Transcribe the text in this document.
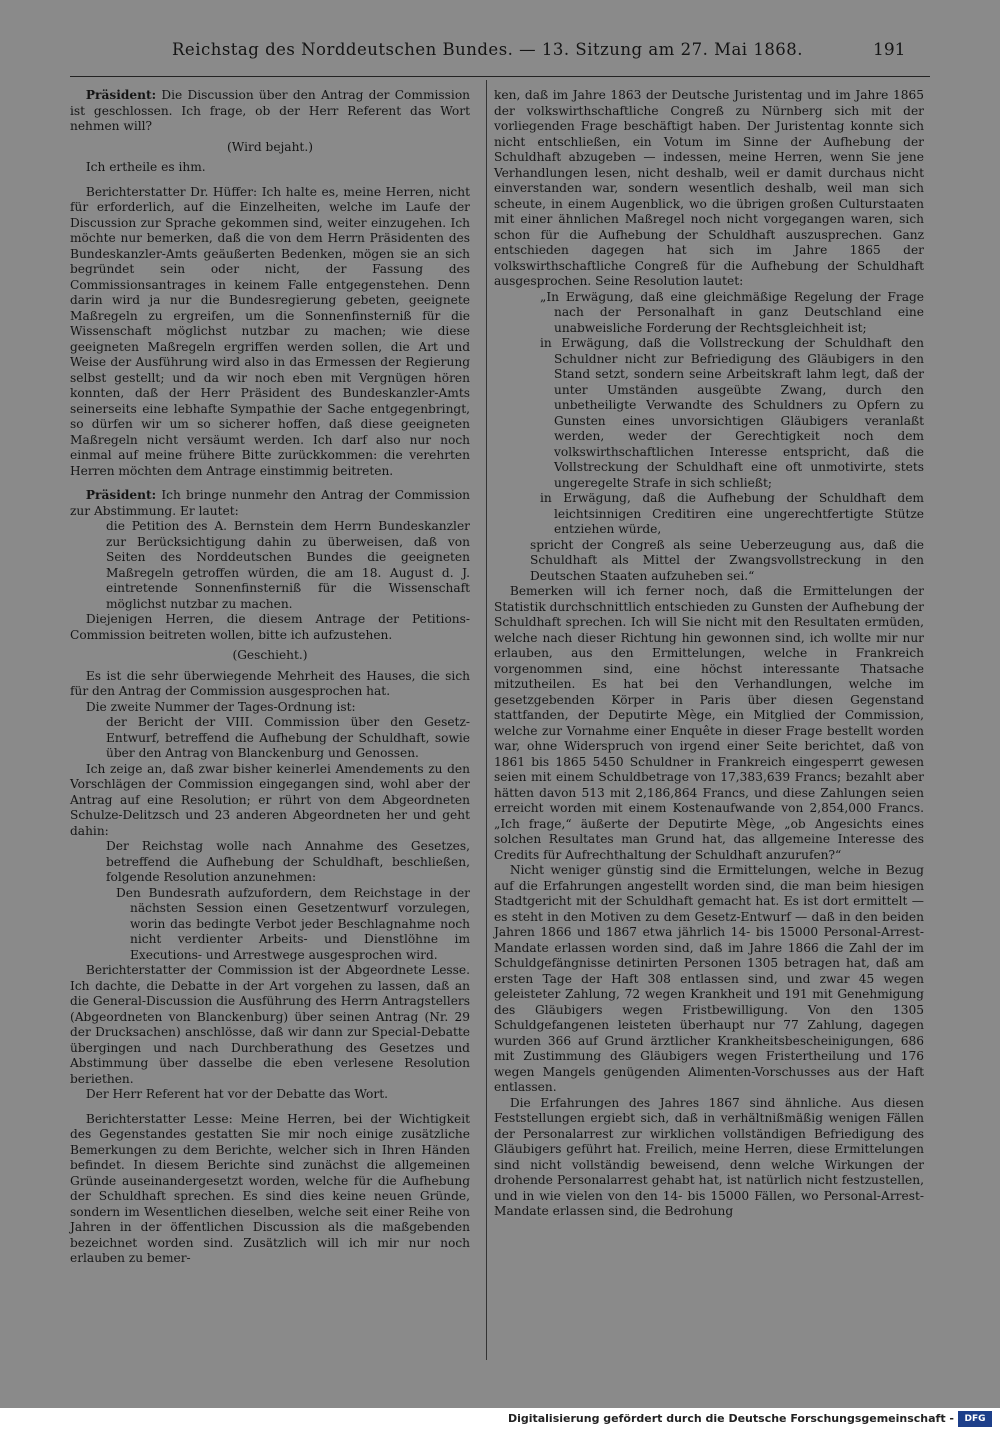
Reichstag des Norddeutschen Bundes. — 13. Sitzung am 27. Mai 1868.	191

Präsident: Die Discussion über den Antrag der Commission ist geschlossen. Ich frage, ob der Herr Referent das Wort nehmen will?

(Wird bejaht.)

Ich ertheile es ihm.

Berichterstatter Dr. Hüffer: Ich halte es, meine Herren, nicht für erforderlich, auf die Einzelheiten, welche im Laufe der Discussion zur Sprache gekommen sind, weiter einzugehen. Ich möchte nur bemerken, daß die von dem Herrn Präsidenten des Bundeskanzler-Amts geäußerten Bedenken, mögen sie an sich begründet sein oder nicht, der Fassung des Commissionsantrages in keinem Falle entgegenstehen. Denn darin wird ja nur die Bundesregierung gebeten, geeignete Maßregeln zu ergreifen, um die Sonnenfinsterniß für die Wissenschaft möglichst nutzbar zu machen; wie diese geeigneten Maßregeln ergriffen werden sollen, die Art und Weise der Ausführung wird also in das Ermessen der Regierung selbst gestellt; und da wir noch eben mit Vergnügen hören konnten, daß der Herr Präsident des Bundeskanzler-Amts seinerseits eine lebhafte Sympathie der Sache entgegenbringt, so dürfen wir um so sicherer hoffen, daß diese geeigneten Maßregeln nicht versäumt werden. Ich darf also nur noch einmal auf meine frühere Bitte zurückkommen: die verehrten Herren möchten dem Antrage einstimmig beitreten.

Präsident: Ich bringe nunmehr den Antrag der Commission zur Abstimmung. Er lautet:

die Petition des A. Bernstein dem Herrn Bundeskanzler zur Berücksichtigung dahin zu überweisen, daß von Seiten des Norddeutschen Bundes die geeigneten Maßregeln getroffen würden, die am 18. August d. J. eintretende Sonnenfinsterniß für die Wissenschaft möglichst nutzbar zu machen.

Diejenigen Herren, die diesem Antrage der Petitions-Commission beitreten wollen, bitte ich aufzustehen.

(Geschieht.)

Es ist die sehr überwiegende Mehrheit des Hauses, die sich für den Antrag der Commission ausgesprochen hat.

Die zweite Nummer der Tages-Ordnung ist:

der Bericht der VIII. Commission über den Gesetz-Entwurf, betreffend die Aufhebung der Schuldhaft, sowie über den Antrag von Blanckenburg und Genossen.

Ich zeige an, daß zwar bisher keinerlei Amendements zu den Vorschlägen der Commission eingegangen sind, wohl aber der Antrag auf eine Resolution; er rührt von dem Abgeordneten Schulze-Delitzsch und 23 anderen Abgeordneten her und geht dahin:

Der Reichstag wolle nach Annahme des Gesetzes, betreffend die Aufhebung der Schuldhaft, beschließen, folgende Resolution anzunehmen:

Den Bundesrath aufzufordern, dem Reichstage in der nächsten Session einen Gesetzentwurf vorzulegen, worin das bedingte Verbot jeder Beschlagnahme noch nicht verdienter Arbeits- und Dienstlöhne im Executions- und Arrestwege ausgesprochen wird.

Berichterstatter der Commission ist der Abgeordnete Lesse. Ich dachte, die Debatte in der Art vorgehen zu lassen, daß an die General-Discussion die Ausführung des Herrn Antragstellers (Abgeordneten von Blanckenburg) über seinen Antrag (Nr. 29 der Drucksachen) anschlösse, daß wir dann zur Special-Debatte übergingen und nach Durchberathung des Gesetzes und Abstimmung über dasselbe die eben verlesene Resolution beriethen.

Der Herr Referent hat vor der Debatte das Wort.

Berichterstatter Lesse: Meine Herren, bei der Wichtigkeit des Gegenstandes gestatten Sie mir noch einige zusätzliche Bemerkungen zu dem Berichte, welcher sich in Ihren Händen befindet. In diesem Berichte sind zunächst die allgemeinen Gründe auseinandergesetzt worden, welche für die Aufhebung der Schuldhaft sprechen. Es sind dies keine neuen Gründe, sondern im Wesentlichen dieselben, welche seit einer Reihe von Jahren in der öffentlichen Discussion als die maßgebenden bezeichnet worden sind. Zusätzlich will ich mir nur noch erlauben zu bemer-

ken, daß im Jahre 1863 der Deutsche Juristentag und im Jahre 1865 der volkswirthschaftliche Congreß zu Nürnberg sich mit der vorliegenden Frage beschäftigt haben. Der Juristentag konnte sich nicht entschließen, ein Votum im Sinne der Aufhebung der Schuldhaft abzugeben — indessen, meine Herren, wenn Sie jene Verhandlungen lesen, nicht deshalb, weil er damit durchaus nicht einverstanden war, sondern wesentlich deshalb, weil man sich scheute, in einem Augenblick, wo die übrigen großen Culturstaaten mit einer ähnlichen Maßregel noch nicht vorgegangen waren, sich schon für die Aufhebung der Schuldhaft auszusprechen. Ganz entschieden dagegen hat sich im Jahre 1865 der volkswirthschaftliche Congreß für die Aufhebung der Schuldhaft ausgesprochen. Seine Resolution lautet:

„In Erwägung, daß eine gleichmäßige Regelung der Frage nach der Personalhaft in ganz Deutschland eine unabweisliche Forderung der Rechtsgleichheit ist;

in Erwägung, daß die Vollstreckung der Schuldhaft den Schuldner nicht zur Befriedigung des Gläubigers in den Stand setzt, sondern seine Arbeitskraft lahm legt, daß der unter Umständen ausgeübte Zwang, durch den unbetheiligte Verwandte des Schuldners zu Opfern zu Gunsten eines unvorsichtigen Gläubigers veranlaßt werden, weder der Gerechtigkeit noch dem volkswirthschaftlichen Interesse entspricht, daß die Vollstreckung der Schuldhaft eine oft unmotivirte, stets ungeregelte Strafe in sich schließt;

in Erwägung, daß die Aufhebung der Schuldhaft dem leichtsinnigen Creditiren eine ungerechtfertigte Stütze entziehen würde,

spricht der Congreß als seine Ueberzeugung aus, daß die Schuldhaft als Mittel der Zwangsvollstreckung in den Deutschen Staaten aufzuheben sei.“

Bemerken will ich ferner noch, daß die Ermittelungen der Statistik durchschnittlich entschieden zu Gunsten der Aufhebung der Schuldhaft sprechen. Ich will Sie nicht mit den Resultaten ermüden, welche nach dieser Richtung hin gewonnen sind, ich wollte mir nur erlauben, aus den Ermittelungen, welche in Frankreich vorgenommen sind, eine höchst interessante Thatsache mitzutheilen. Es hat bei den Verhandlungen, welche im gesetzgebenden Körper in Paris über diesen Gegenstand stattfanden, der Deputirte Mège, ein Mitglied der Commission, welche zur Vornahme einer Enquête in dieser Frage bestellt worden war, ohne Widerspruch von irgend einer Seite berichtet, daß von 1861 bis 1865 5450 Schuldner in Frankreich eingesperrt gewesen seien mit einem Schuldbetrage von 17,383,639 Francs; bezahlt aber hätten davon 513 mit 2,186,864 Francs, und diese Zahlungen seien erreicht worden mit einem Kostenaufwande von 2,854,000 Francs. „Ich frage,“ äußerte der Deputirte Mège, „ob Angesichts eines solchen Resultates man Grund hat, das allgemeine Interesse des Credits für Aufrechthaltung der Schuldhaft anzurufen?“

Nicht weniger günstig sind die Ermittelungen, welche in Bezug auf die Erfahrungen angestellt worden sind, die man beim hiesigen Stadtgericht mit der Schuldhaft gemacht hat. Es ist dort ermittelt — es steht in den Motiven zu dem Gesetz-Entwurf — daß in den beiden Jahren 1866 und 1867 etwa jährlich 14- bis 15000 Personal-Arrest-Mandate erlassen worden sind, daß im Jahre 1866 die Zahl der im Schuldgefängnisse detinirten Personen 1305 betragen hat, daß am ersten Tage der Haft 308 entlassen sind, und zwar 45 wegen geleisteter Zahlung, 72 wegen Krankheit und 191 mit Genehmigung des Gläubigers wegen Fristbewilligung. Von den 1305 Schuldgefangenen leisteten überhaupt nur 77 Zahlung, dagegen wurden 366 auf Grund ärztlicher Krankheitsbescheinigungen, 686 mit Zustimmung des Gläubigers wegen Fristertheilung und 176 wegen Mangels genügenden Alimenten-Vorschusses aus der Haft entlassen.

Die Erfahrungen des Jahres 1867 sind ähnliche. Aus diesen Feststellungen ergiebt sich, daß in verhältnißmäßig wenigen Fällen der Personalarrest zur wirklichen vollständigen Befriedigung des Gläubigers geführt hat. Freilich, meine Herren, diese Ermittelungen sind nicht vollständig beweisend, denn welche Wirkungen der drohende Personalarrest gehabt hat, ist natürlich nicht festzustellen, und in wie vielen von den 14- bis 15000 Fällen, wo Personal-Arrest-Mandate erlassen sind, die Bedrohung

Digitalisierung gefördert durch die Deutsche Forschungsgemeinschaft -	DFG
